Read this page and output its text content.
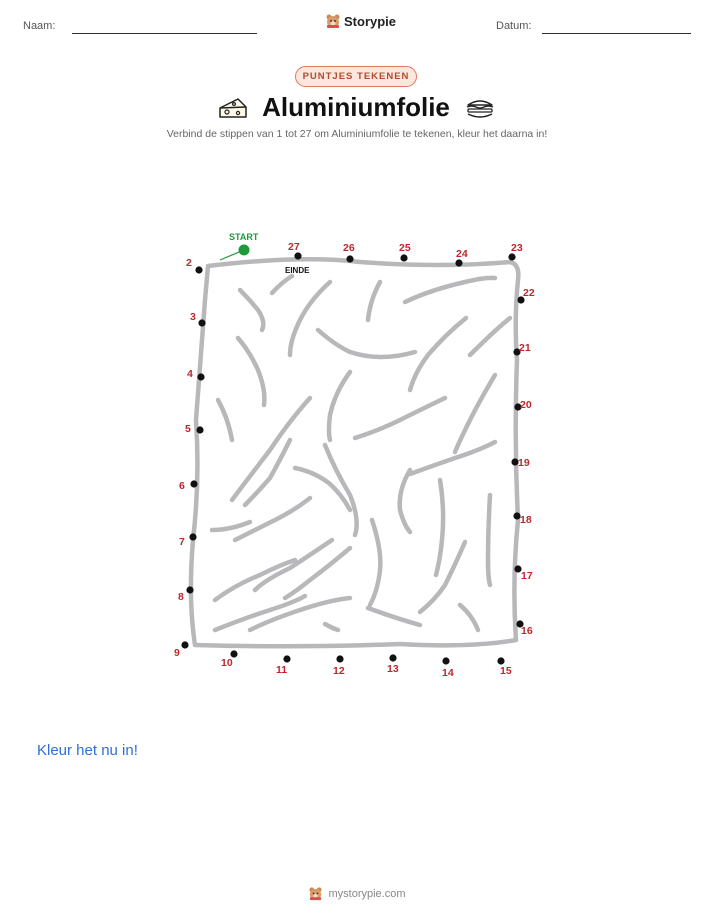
Naam:	Datum:
Storypie
PUNTJES TEKENEN
Aluminiumfolie
Verbind de stippen van 1 tot 27 om Aluminiumfolie te tekenen, kleur het daarna in!
START
EINDE
2
3
4
5
6
7
8
9
10
11	12	13	14	15
16
17
18
19
20
21
22
23
24
25
26
27
Kleur het nu in!
mystorypie.com
